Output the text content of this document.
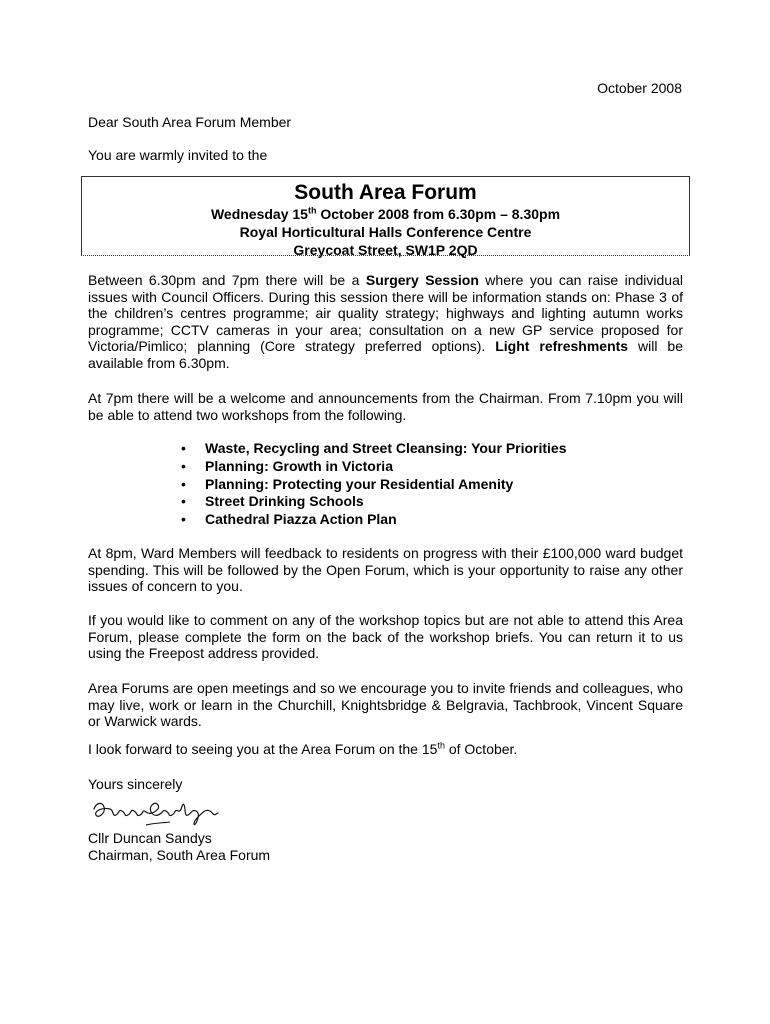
October 2008
Dear South Area Forum Member
You are warmly invited to the
South Area Forum
Wednesday 15th October 2008 from 6.30pm – 8.30pm
Royal Horticultural Halls Conference Centre
Greycoat Street, SW1P 2QD
Between 6.30pm and 7pm there will be a Surgery Session where you can raise individual issues with Council Officers. During this session there will be information stands on: Phase 3 of the children’s centres programme; air quality strategy; highways and lighting autumn works programme; CCTV cameras in your area; consultation on a new GP service proposed for Victoria/Pimlico; planning (Core strategy preferred options). Light refreshments will be available from 6.30pm.
At 7pm there will be a welcome and announcements from the Chairman. From 7.10pm you will be able to attend two workshops from the following.
• Waste, Recycling and Street Cleansing: Your Priorities
• Planning: Growth in Victoria
• Planning: Protecting your Residential Amenity
• Street Drinking Schools
• Cathedral Piazza Action Plan
At 8pm, Ward Members will feedback to residents on progress with their £100,000 ward budget spending. This will be followed by the Open Forum, which is your opportunity to raise any other issues of concern to you.
If you would like to comment on any of the workshop topics but are not able to attend this Area Forum, please complete the form on the back of the workshop briefs. You can return it to us using the Freepost address provided.
Area Forums are open meetings and so we encourage you to invite friends and colleagues, who may live, work or learn in the Churchill, Knightsbridge & Belgravia, Tachbrook, Vincent Square or Warwick wards.
I look forward to seeing you at the Area Forum on the 15th of October.
Yours sincerely
Cllr Duncan Sandys
Chairman, South Area Forum
